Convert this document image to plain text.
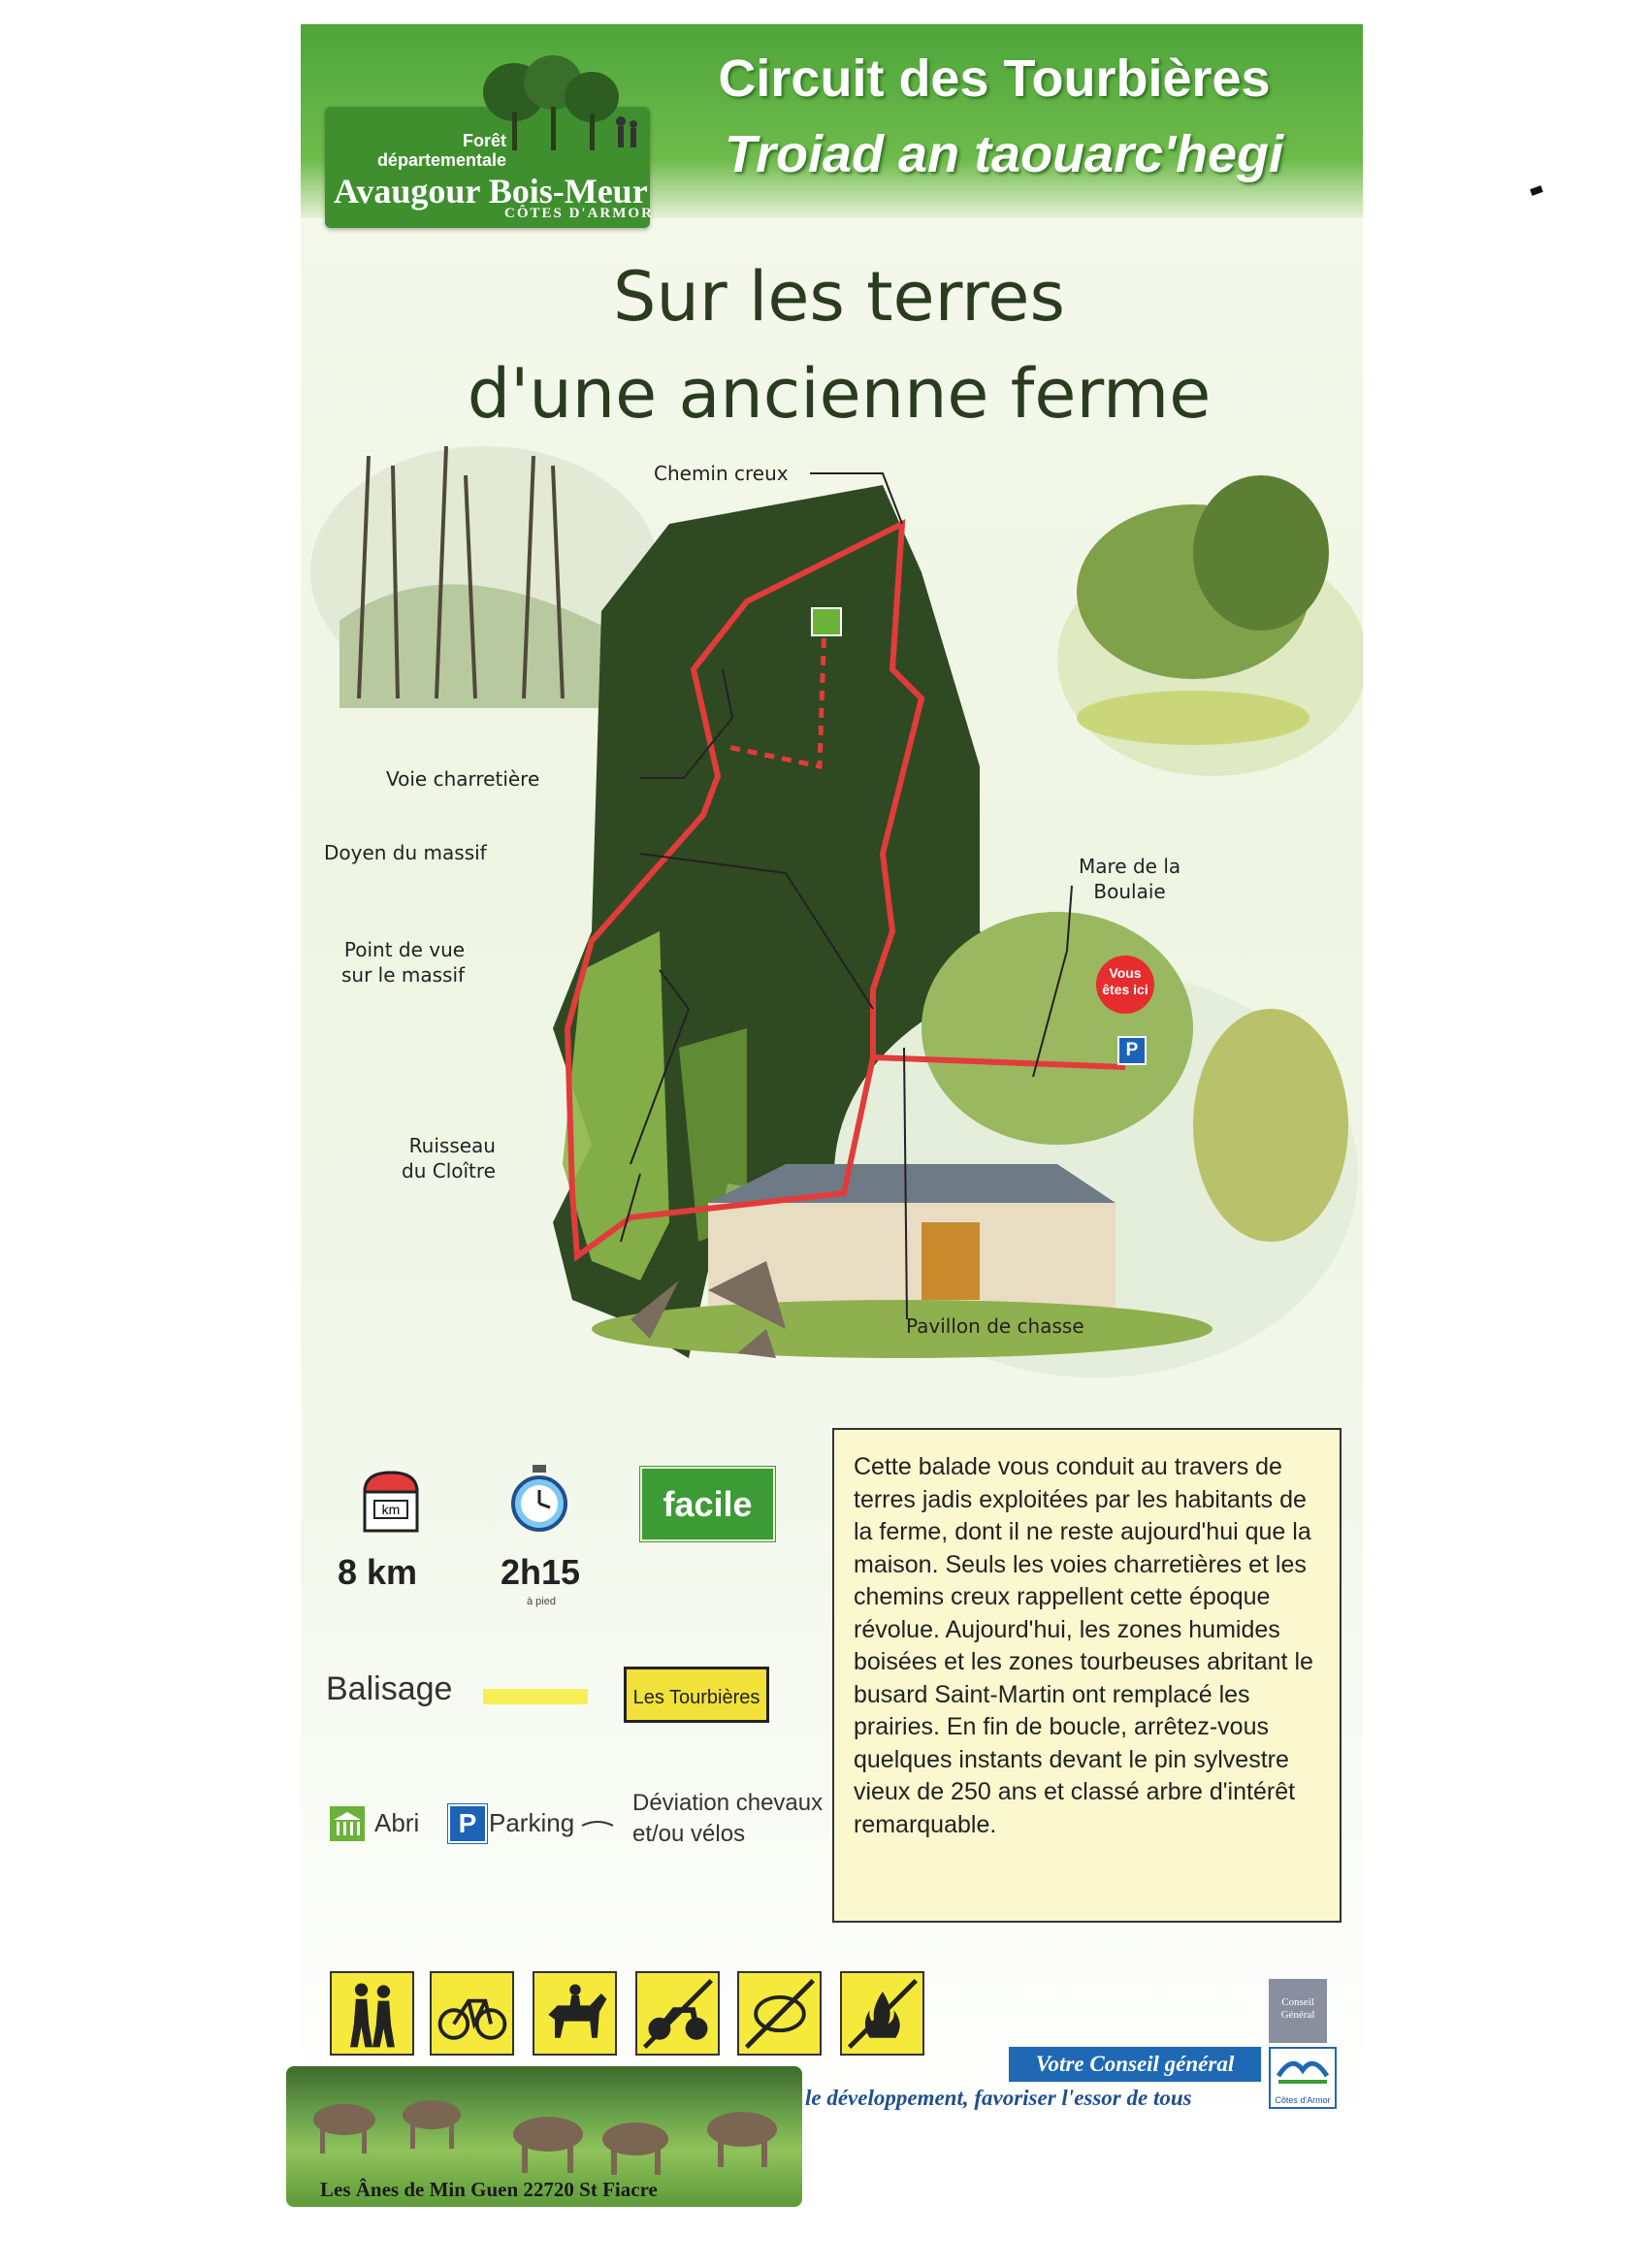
Circuit des Tourbières
Troiad an taouarc'hegi
Forêt
départementale
Avaugour Bois-Meur
CÔTES D'ARMOR
Sur les terres
d'une ancienne ferme
Vous
êtes ici
P
Chemin creux
Voie charretière
Doyen du massif
Point de vue
sur le massif
Ruisseau
du Cloître
Mare de la
Boulaie
Pavillon de chasse
km
8 km 2h15
à pied
facile
Balisage	Les Tourbières
Abri	P Parking
Déviation chevaux
et/ou vélos

Cette balade vous conduit au travers de terres jadis exploitées par les habitants de la ferme, dont il ne reste aujourd'hui que la maison. Seuls les voies charretières et les chemins creux rappellent cette époque révolue. Aujourd'hui, les zones humides boisées et les zones tourbeuses abritant le busard Saint-Martin ont remplacé les prairies. En fin de boucle, arrêtez-vous quelques instants devant le pin sylvestre vieux de 250 ans et classé arbre d'intérêt remarquable.

Conseil
Général
Votre Conseil général
le développement, favoriser l'essor de tous	Côtes d'Armor
Les Ânes de Min Guen 22720 St Fiacre
